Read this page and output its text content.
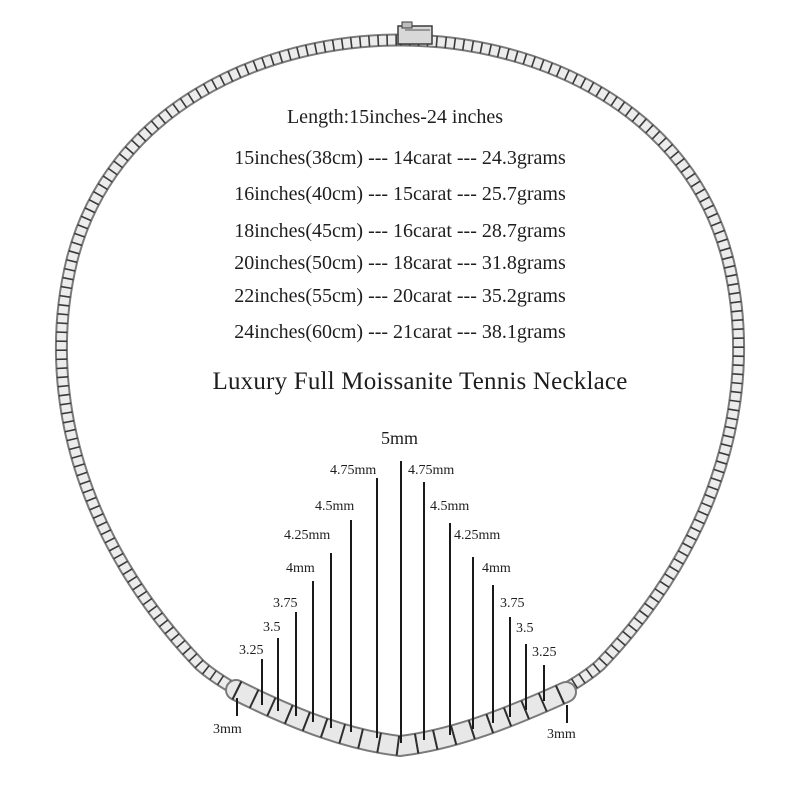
Length:15inches-24 inches
15inches(38cm) --- 14carat --- 24.3grams
16inches(40cm) --- 15carat --- 25.7grams
18inches(45cm) --- 16carat --- 28.7grams
20inches(50cm) --- 18carat --- 31.8grams
22inches(55cm) --- 20carat --- 35.2grams
24inches(60cm) --- 21carat --- 38.1grams
Luxury Full Moissanite Tennis Necklace
5mm
4.75mm
4.5mm
4.25mm
4mm
3.75
3.5
3.25
3mm
4.75mm
4.5mm
4.25mm
4mm
3.75
3.5
3.25
3mm
